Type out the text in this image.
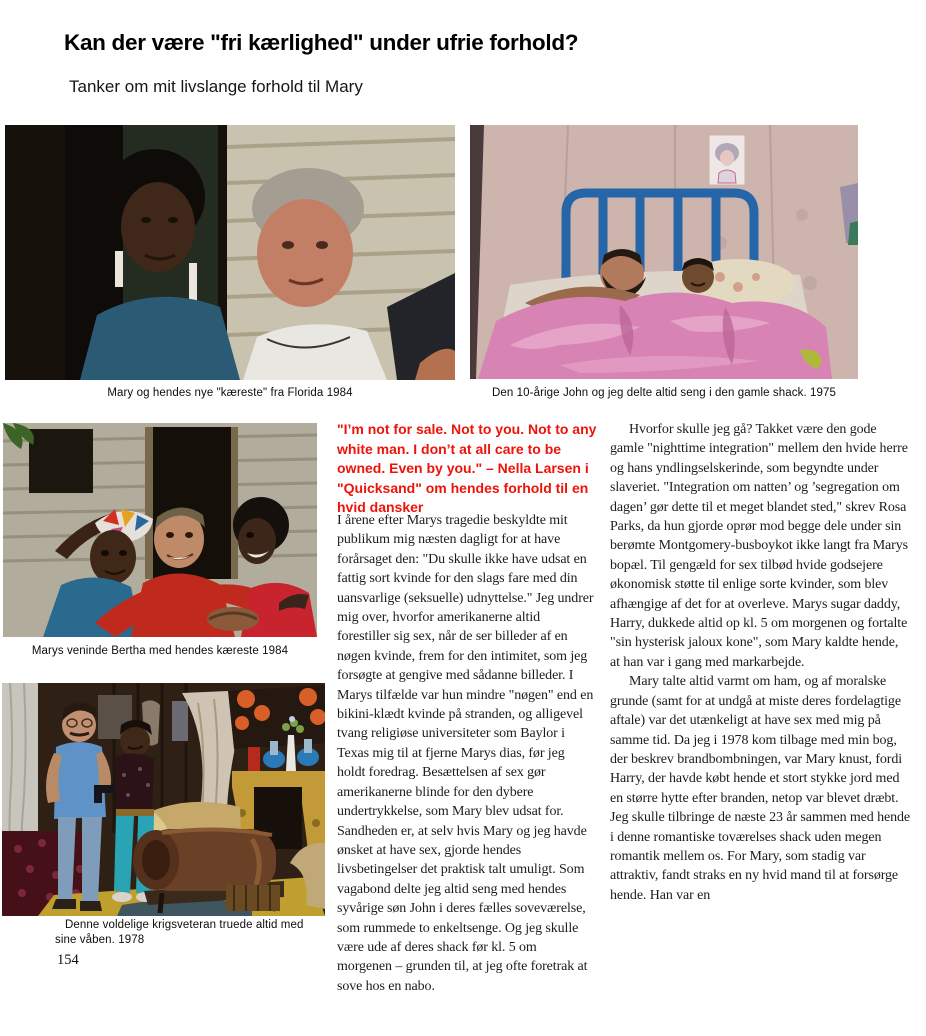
Kan der være "fri kærlighed" under ufrie forhold?
Tanker om mit livslange forhold til Mary
Mary og hendes nye "kæreste" fra Florida 1984	Den 10-årige John og jeg delte altid seng i den gamle shack. 1975
Marys veninde Bertha med hendes kæreste 1984
Denne voldelige krigsveteran truede altid med
sine våben. 1978
"I’m not for sale. Not to you. Not to any white man. I don’t at all care to be owned. Even by you." – Nella Larsen i "Quicksand" om hendes forhold til en hvid dansker

I årene efter Marys tragedie beskyldte mit publikum mig næsten dagligt for at have forårsaget den: "Du skulle ikke have udsat en fattig sort kvinde for den slags fare med din uansvarlige (seksuelle) udnyttelse." Jeg undrer mig over, hvorfor amerikanerne altid forestiller sig sex, når de ser billeder af en nøgen kvinde, frem for den intimitet, som jeg forsøgte at gengive med sådanne billeder. I Marys tilfælde var hun mindre "nøgen" end en bikini-klædt kvinde på stranden, og alligevel tvang religiøse universiteter som Baylor i Texas mig til at fjerne Marys dias, før jeg holdt foredrag. Besættelsen af sex gør amerikanerne blinde for den dybere undertrykkelse, som Mary blev udsat for. Sandheden er, at selv hvis Mary og jeg havde ønsket at have sex, gjorde hendes livsbetingelser det praktisk talt umuligt. Som vagabond delte jeg altid seng med hendes syvårige søn John i deres fælles soveværelse, som rummede to enkeltsenge. Og jeg skulle være ude af deres shack før kl. 5 om morgenen – grunden til, at jeg ofte foretrak at sove hos en nabo.

Hvorfor skulle jeg gå? Takket være den gode gamle "nighttime integration" mellem den hvide herre og hans yndlingselskerinde, som begyndte under slaveriet. "Integration om natten’ og ’segregation om dagen’ gør dette til et meget blandet sted," skrev Rosa Parks, da hun gjorde oprør mod begge dele under sin berømte Montgomery-busboykot ikke langt fra Marys bopæl. Til gengæld for sex tilbød hvide godsejere økonomisk støtte til enlige sorte kvinder, som blev afhængige af det for at overleve. Marys sugar daddy, Harry, dukkede altid op kl. 5 om morgenen og fortalte "sin hysterisk jaloux kone", som Mary kaldte hende, at han var i gang med markarbejde.

Mary talte altid varmt om ham, og af moralske grunde (samt for at undgå at miste deres fordelagtige aftale) var det utænkeligt at have sex med mig på samme tid. Da jeg i 1978 kom tilbage med min bog, der beskrev brandbombningen, var Mary knust, fordi Harry, der havde købt hende et stort stykke jord med en større hytte efter branden, netop var blevet dræbt. Jeg skulle tilbringe de næste 23 år sammen med hende i denne romantiske toværelses shack uden megen romantik mellem os. For Mary, som stadig var attraktiv, fandt straks en ny hvid mand til at forsørge hende. Han var en

154
